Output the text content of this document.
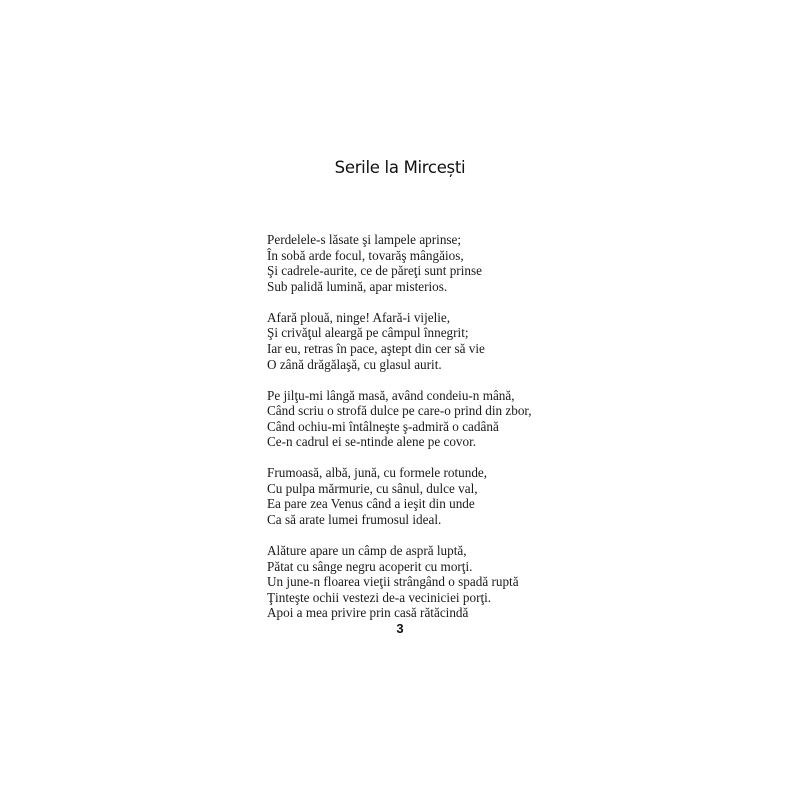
Serile la Mircești
Perdelele-s lăsate şi lampele aprinse;
În sobă arde focul, tovarăş mângăios,
Şi cadrele-aurite, ce de păreţi sunt prinse
Sub palidă lumină, apar misterios.
Afară plouă, ninge! Afară-i vijelie,
Şi crivăţul aleargă pe câmpul înnegrit;
Iar eu, retras în pace, aştept din cer să vie
O zână drăgălaşă, cu glasul aurit.
Pe jilţu-mi lângă masă, având condeiu-n mână,
Când scriu o strofă dulce pe care-o prind din zbor,
Când ochiu-mi întâlneşte ş-admiră o cadână
Ce-n cadrul ei se-ntinde alene pe covor.
Frumoasă, albă, jună, cu formele rotunde,
Cu pulpa mărmurie, cu sânul, dulce val,
Ea pare zea Venus când a ieşit din unde
Ca să arate lumei frumosul ideal.
Alăture apare un câmp de aspră luptă,
Pătat cu sânge negru acoperit cu morţi.
Un june-n floarea vieţii strângând o spadă ruptă
Ţinteşte ochii vestezi de-a vecinicieі porţi.
Apoi a mea privire prin casă rătăcindă
3
